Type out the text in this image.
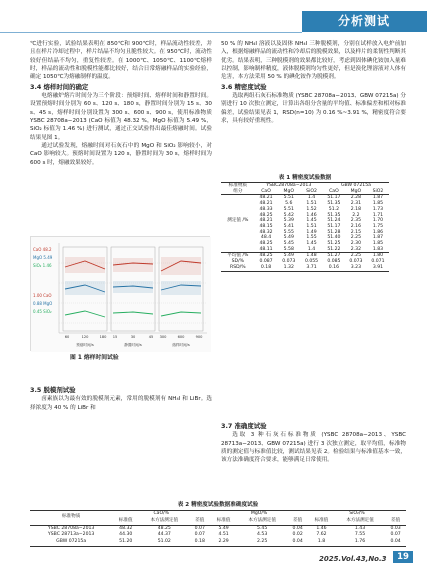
分析测试

℃进行实验，试验结果表明在 850℃和 900℃时，样品流动性较差，并且在样片冷却过程中，样片结晶不均匀且脆性较大。在 950℃时，流动性较好但结晶不均匀，重复性较差。在 1000℃、1050℃、1100℃熔样时，样品的流动性和脱模性能都比较好，结合日常熔融样品的实验经验，确定 1050℃为熔融制样的温度。

3.4 熔样时间的确定

电熔融炉熔片时间分为三个阶段：预熔时间、熔样时间和静置时间。设置预熔时间分别为 60 s、120 s、180 s，静置时间分别为 15 s、30 s、45 s，熔样时间分别设置为 300 s、600 s、900 s，使用标准物质 YSBC 28708a−2013 (CaO 标值为 48.32 %，MgO 标值为 5.49 %，SiO₂ 标值为 1.46 %) 进行测试，通过正交试验得出最佳熔融时间。试验结果见图 1。

通过试验发现，熔融时间对石灰石中的 MgO 和 SiO₂ 影响较小，对 CaO 影响较大。预熔时间设置为 120 s，静置时间为 30 s，熔样时间为 600 s 时，熔融效果较好。

CaO 48.2
MgO 5.49
SiO₂ 1.46
1.00 CaO
0.88 MgO
0.45 SiO₂
60	120	180 15	30	45 300	600	900
预熔时间/s	静置时间/s	熔样时间/s
图 1 熔样时间试验
3.5 脱模剂试验

卤素族以为最有效的脱模剂元素，常用的脱模剂有 NH₄I 和 LiBr。选择浓度为 40 % 的 LiBr 和

50 % 的 NH₄I 溶液以及固体 NH₄I 三种脱模剂，分别在试样放入电炉前加入，根据熔融样品的流动性和冷却后的脱模效果，以及样片的柔韧性判断其优劣。结果表明，三种脱模剂的效果都比较好，考虑到固体碘化铵加入量难以控制，影响制样精度，液体脱模剂均匀性更好，但是溴化锂溶液对人体有危害，本方法采用 50 % 的碘化铵作为脱模剂。

3.6 精密度试验

选取两组石灰石标准物质 (YSBC 28708a−2013、GBW 07215a) 分别进行 10 次独立测定，计算出各组分含量的平均值、标准偏差和相对标准偏差，试验结果见表 1，RSD(n=10) 为 0.16 %~3.91 %，精密度符合要求，具有较好重现性。

表 1 精密度试验数据
标准物质	YSBC28708a−2013			GBW 07215a		
组分	CaO	MgO	SiO2	CaO	MgO	SiO2
	48.21	5.51	1.4	51.17	2.28	1.87
	48.21	5.6	1.51	51.35	2.31	1.85
	48.33	5.51	1.52	51.2	2.18	1.73
	48.25	5.42	1.46	51.35	2.2	1.71
测定值 /%	48.21	5.39	1.45	51.24	2.35	1.70
	48.15	5.41	1.51	51.17	2.16	1.75
	48.32	5.55	1.49	51.28	2.15	1.86
	48.4	5.49	1.55	51.40	2.25	1.87
	48.25	5.45	1.45	51.25	2.30	1.85
	48.11	5.58	1.4	51.22	2.32	1.83
平均值 /%	48.25	5.49	1.48	51.27	2.25	1.80
SD/%	0.087	0.073	0.055	0.085	0.073	0.071
RSD/%	0.18	1.32	3.71	0.16	3.23	3.91
3.7 准确度试验

选取 3 种石灰石标准物质 (YSBC 28708a−2013、YSBC 28713a−2013、GBW 07215a) 进行 3 次独立测定，取平均值，标准物质的测定值与标准值比较，测试结果见表 2。检验结果与标准值基本一致，该方法准确度符合要求，能够满足日常使用。

表 2 精密度试验数据准确度试验
标准物质	CaO/%			MgO/%			SiO₂/%		
	标准值	本方法测定值	差值	标准值	本方法测定值	差值	标准值	本方法测定值	差值
YSBC 28708a−2013	48.32	48.25	0.07	5.49	5.45	0.04	1.46	1.43	0.03
YSBC 28713a−2013	44.30	44.37	0.07	4.51	4.53	0.02	7.62	7.55	0.07
GBW 07215a	51.20	51.02	0.18	2.29	2.25	0.04	1.8	1.76	0.04
2025.Vol.43,No.3	19
